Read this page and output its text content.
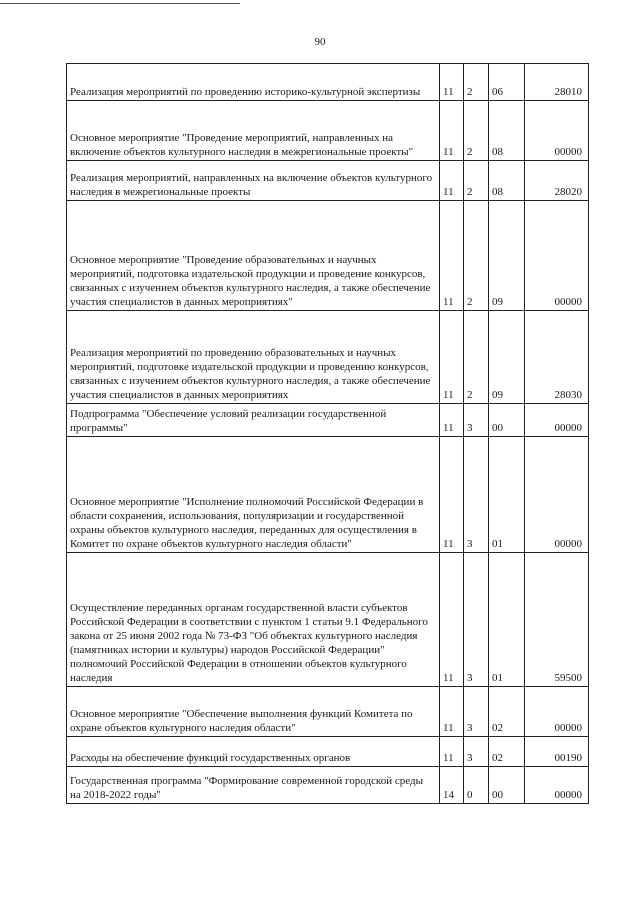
90
Реализация мероприятий по проведению историко-культурной экспертизы	11	2	06	28010
Основное мероприятие "Проведение мероприятий, направленных на включение объектов культурного наследия в межрегиональные проекты"	11	2	08	00000
Реализация мероприятий, направленных на включение объектов культурного наследия в межрегиональные проекты	11	2	08	28020
Основное мероприятие "Проведение образовательных и научных мероприятий, подготовка издательской продукции и проведение конкурсов, связанных с изучением объектов культурного наследия, а также обеспечение участия специалистов в данных мероприятиях"	11	2	09	00000
Реализация мероприятий по проведению образовательных и научных мероприятий, подготовке издательской продукции и проведению конкурсов, связанных с изучением объектов культурного наследия, а также обеспечение участия специалистов в данных мероприятиях	11	2	09	28030
Подпрограмма "Обеспечение условий реализации государственной программы"	11	3	00	00000
Основное мероприятие "Исполнение полномочий Российской Федерации в области сохранения, использования, популяризации и государственной охраны объектов культурного наследия, переданных для осуществления в Комитет по охране объектов культурного наследия области"	11	3	01	00000
Осуществление переданных органам государственной власти субъектов Российской Федерации в соответствии с пунктом 1 статьи 9.1 Федерального закона от 25 июня 2002 года № 73-ФЗ "Об объектах культурного наследия (памятниках истории и культуры) народов Российской Федерации" полномочий Российской Федерации в отношении объектов культурного наследия	11	3	01	59500
Основное мероприятие "Обеспечение выполнения функций Комитета по охране объектов культурного наследия области"	11	3	02	00000
Расходы на обеспечение функций государственных органов	11	3	02	00190
Государственная программа "Формирование современной городской среды на 2018-2022 годы"	14	0	00	00000
